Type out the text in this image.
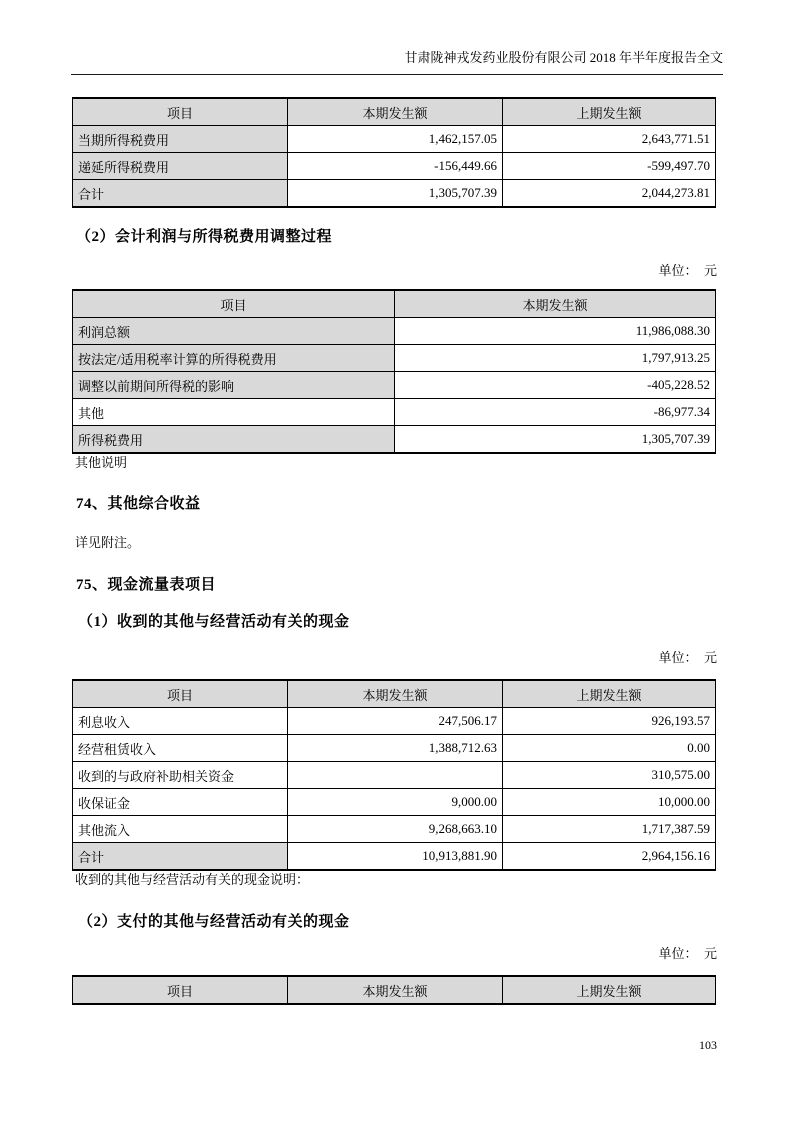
甘肃陇神戎发药业股份有限公司 2018 年半年度报告全文
项目	本期发生额	上期发生额
当期所得税费用	1,462,157.05	2,643,771.51
递延所得税费用	-156,449.66	-599,497.70
合计	1,305,707.39	2,044,273.81
（2）会计利润与所得税费用调整过程
单位：　元
项目	本期发生额
利润总额	11,986,088.30
按法定/适用税率计算的所得税费用	1,797,913.25
调整以前期间所得税的影响	-405,228.52
其他	-86,977.34
所得税费用	1,305,707.39
其他说明
74、其他综合收益
详见附注。
75、现金流量表项目
（1）收到的其他与经营活动有关的现金
单位：　元
项目	本期发生额	上期发生额
利息收入	247,506.17	926,193.57
经营租赁收入	1,388,712.63	0.00
收到的与政府补助相关资金		310,575.00
收保证金	9,000.00	10,000.00
其他流入	9,268,663.10	1,717,387.59
合计	10,913,881.90	2,964,156.16
收到的其他与经营活动有关的现金说明：
（2）支付的其他与经营活动有关的现金
单位：　元
项目	本期发生额	上期发生额
103
